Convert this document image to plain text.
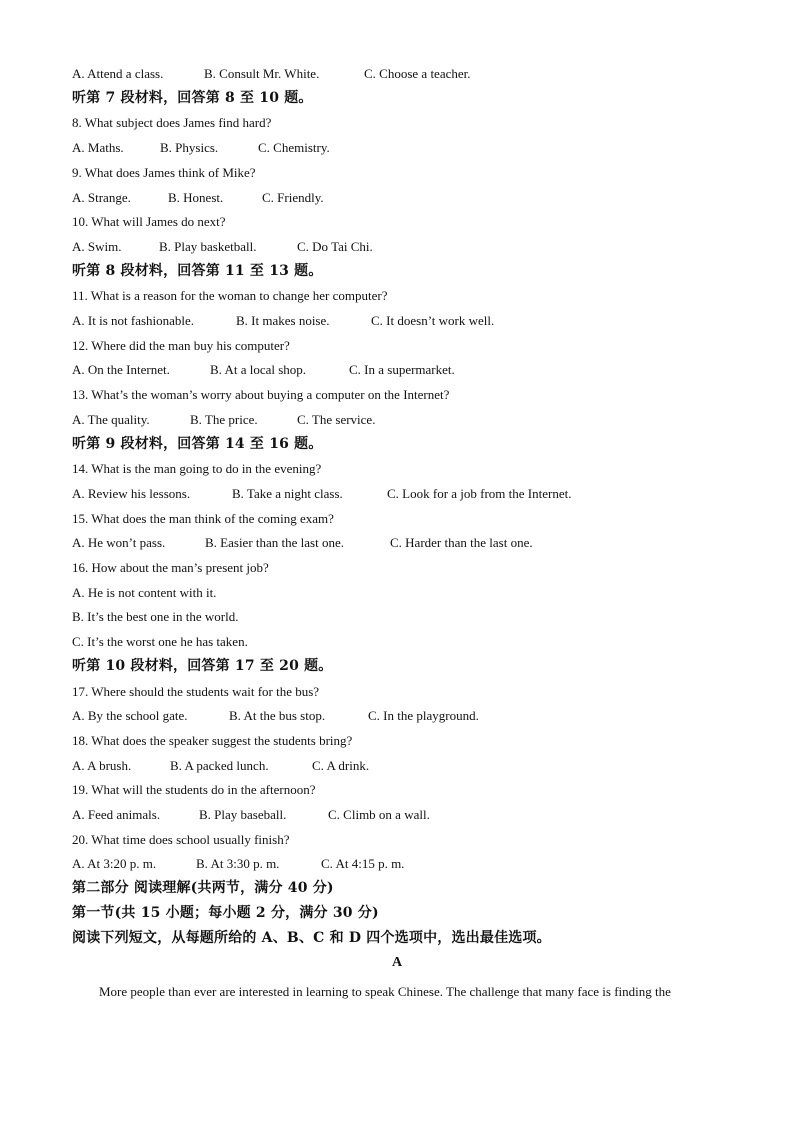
A. Attend a class.	B. Consult Mr. White.	C. Choose a teacher.
听第 7 段材料，回答第 8 至 10 题。
8. What subject does James find hard?
A. Maths.	B. Physics.	C. Chemistry.
9. What does James think of Mike?
A. Strange.	B. Honest.	C. Friendly.
10. What will James do next?
A. Swim.	B. Play basketball.	C. Do Tai Chi.
听第 8 段材料，回答第 11 至 13 题。
11. What is a reason for the woman to change her computer?
A. It is not fashionable.	B. It makes noise.	C. It doesn’t work well.
12. Where did the man buy his computer?
A. On the Internet.	B. At a local shop.	C. In a supermarket.
13. What’s the woman’s worry about buying a computer on the Internet?
A. The quality.	B. The price.	C. The service.
听第 9 段材料，回答第 14 至 16 题。
14. What is the man going to do in the evening?
A. Review his lessons.	B. Take a night class.	C. Look for a job from the Internet.
15. What does the man think of the coming exam?
A. He won’t pass.	B. Easier than the last one.	C. Harder than the last one.
16. How about the man’s present job?
A. He is not content with it.
B. It’s the best one in the world.
C. It’s the worst one he has taken.
听第 10 段材料，回答第 17 至 20 题。
17. Where should the students wait for the bus?
A. By the school gate.	B. At the bus stop.	C. In the playground.
18. What does the speaker suggest the students bring?
A. A brush.	B. A packed lunch.	C. A drink.
19. What will the students do in the afternoon?
A. Feed animals.	B. Play baseball.	C. Climb on a wall.
20. What time does school usually finish?
A. At 3:20 p. m.	B. At 3:30 p. m.	C. At 4:15 p. m.
第二部分 阅读理解(共两节，满分 40 分)
第一节(共 15 小题；每小题 2 分，满分 30 分)
阅读下列短文，从每题所给的 A、B、C 和 D 四个选项中，选出最佳选项。
A
More people than ever are interested in learning to speak Chinese. The challenge that many face is finding the
